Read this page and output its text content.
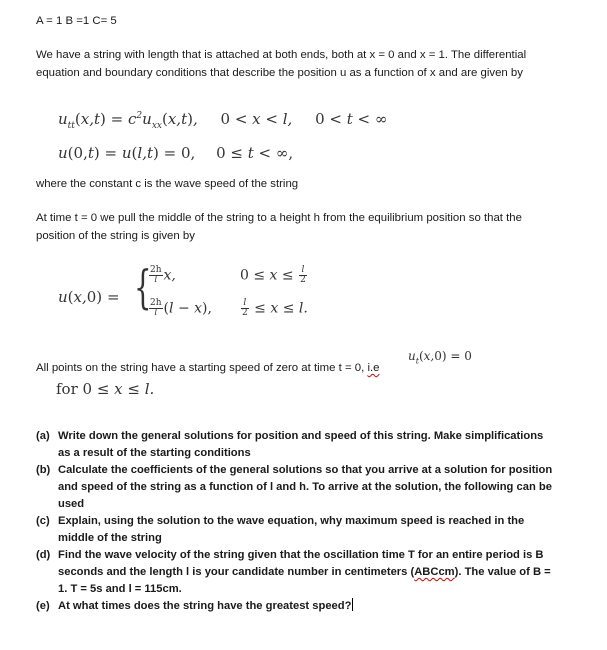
A = 1 B =1 C= 5
We have a string with length that is attached at both ends, both at x = 0 and x = 1. The differential equation and boundary conditions that describe the position u as a function of x and are given by
$u_{tt}(x,t) = c^2u_{xx}(x,t)$, 0 < x < l, 0 < t < ∞
u(0,t) = u(l,t) = 0, 0 ≤ t < ∞,
where the constant c is the wave speed of the string
At time t = 0 we pull the middle of the string to a height h from the equilibrium position so that the position of the string is given by
u(x,0) = {
$\frac{2h}{l} x$,	$0 \le x \le \frac{l}{2}$
$\frac{2h}{l} (l - x)$,	$\frac{l}{2} \le x \le l$.
All points on the string have a starting speed of zero at time t = 0, i.e
$u_t(x,0) = 0$
for 0 ≤ x ≤ l.
(a) Write down the general solutions for position and speed of this string. Make simplifications as a result of the starting conditions
(b) Calculate the coefficients of the general solutions so that you arrive at a solution for position and speed of the string as a function of l and h. To arrive at the solution, the following can be used
(c) Explain, using the solution to the wave equation, why maximum speed is reached in the middle of the string
(d) Find the wave velocity of the string given that the oscillation time T for an entire period is B seconds and the length l is your candidate number in centimeters (ABCcm). The value of B = 1. T = 5s and l = 115cm.
(e) At what times does the string have the greatest speed?
